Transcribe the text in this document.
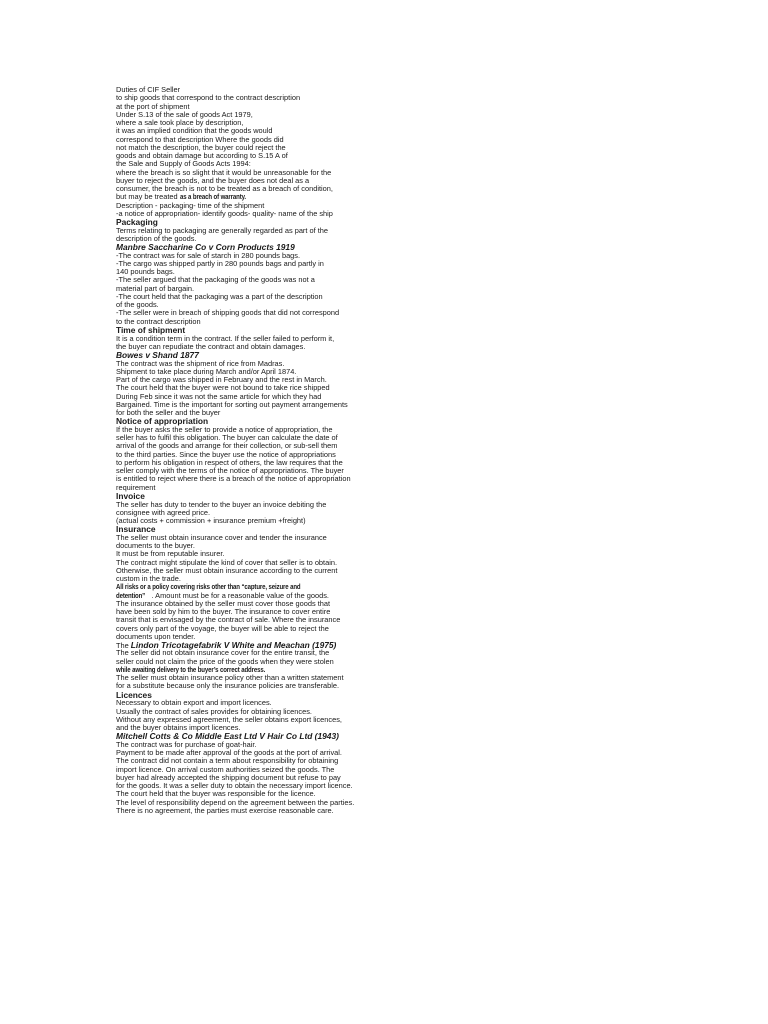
Duties of CIF Seller
to ship goods that correspond to the contract description
at the port of shipment
Under S.13 of the sale of goods Act 1979,
where a sale took place by description,
it was an implied condition that the goods would
correspond to that description Where the goods did
not match the description, the buyer could reject the
goods and obtain damage but according to S.15 A of
the Sale and Supply of Goods Acts 1994:
where the breach is so slight that it would be unreasonable for the
buyer to reject the goods, and the buyer does not deal as a
consumer, the breach is not to be treated as a breach of condition,
but may be treated as a breach of warranty.
Description - packaging- time of the shipment
-a notice of appropriation- identify goods- quality- name of the ship
Packaging
Terms relating to packaging are generally regarded as part of the
description of the goods.
Manbre Saccharine Co v Corn Products 1919
-The contract was for sale of starch in 280 pounds bags.
-The cargo was shipped partly in 280 pounds bags and partly in
140 pounds bags.
-The seller argued that the packaging of the goods was not a
material part of bargain.
-The court held that the packaging was a part of the description
of the goods.
-The seller were in breach of shipping goods that did not correspond
to the contract description
Time of shipment
It is a condition term in the contract. If the seller failed to perform it,
the buyer can repudiate the contract and obtain damages.
Bowes v Shand 1877
The contract was the shipment of rice from Madras.
Shipment to take place during March and/or April 1874.
Part of the cargo was shipped in February and the rest in March.
The court held that the buyer were not bound to take rice shipped
During Feb since it was not the same article for which they had
Bargained. Time is the important for sorting out payment arrangements
for both the seller and the buyer
Notice of appropriation
If the buyer asks the seller to provide a notice of appropriation, the
seller has to fulfil this obligation. The buyer can calculate the date of
arrival of the goods and arrange for their collection, or sub-sell them
to the third parties. Since the buyer use the notice of appropriations
to perform his obligation in respect of others, the law requires that the
seller comply with the terms of the notice of appropriations. The buyer
is entitled to reject where there is a breach of the notice of appropriation
requirement
Invoice
The seller has duty to tender to the buyer an invoice debiting the
consignee with agreed price.
(actual costs + commission + insurance premium +freight)
Insurance
The seller must obtain insurance cover and tender the insurance
documents to the buyer.
It must be from reputable insurer.
The contract might stipulate the kind of cover that seller is to obtain.
Otherwise, the seller must obtain insurance according to the current
custom in the trade.
All risks or a policy covering risks other than “capture, seizure and
detention” . Amount must be for a reasonable value of the goods.
The insurance obtained by the seller must cover those goods that
have been sold by him to the buyer. The insurance to cover entire
transit that is envisaged by the contract of sale. Where the insurance
covers only part of the voyage, the buyer will be able to reject the
documents upon tender.
The Lindon Tricotagefabrik V White and Meachan (1975)
The seller did not obtain insurance cover for the entire transit, the
seller could not claim the price of the goods when they were stolen
while awaiting delivery to the buyer’s correct address.
The seller must obtain insurance policy other than a written statement
for a substitute because only the insurance policies are transferable.
Licences
Necessary to obtain export and import licences.
Usually the contract of sales provides for obtaining licences.
Without any expressed agreement, the seller obtains export licences,
and the buyer obtains import licences.
Mitchell Cotts & Co Middle East Ltd V Hair Co Ltd (1943)
The contract was for purchase of goat-hair.
Payment to be made after approval of the goods at the port of arrival.
The contract did not contain a term about responsibility for obtaining
import licence. On arrival custom authorities seized the goods. The
buyer had already accepted the shipping document but refuse to pay
for the goods. It was a seller duty to obtain the necessary import licence.
The court held that the buyer was responsible for the licence.
The level of responsibility depend on the agreement between the parties.
There is no agreement, the parties must exercise reasonable care.
